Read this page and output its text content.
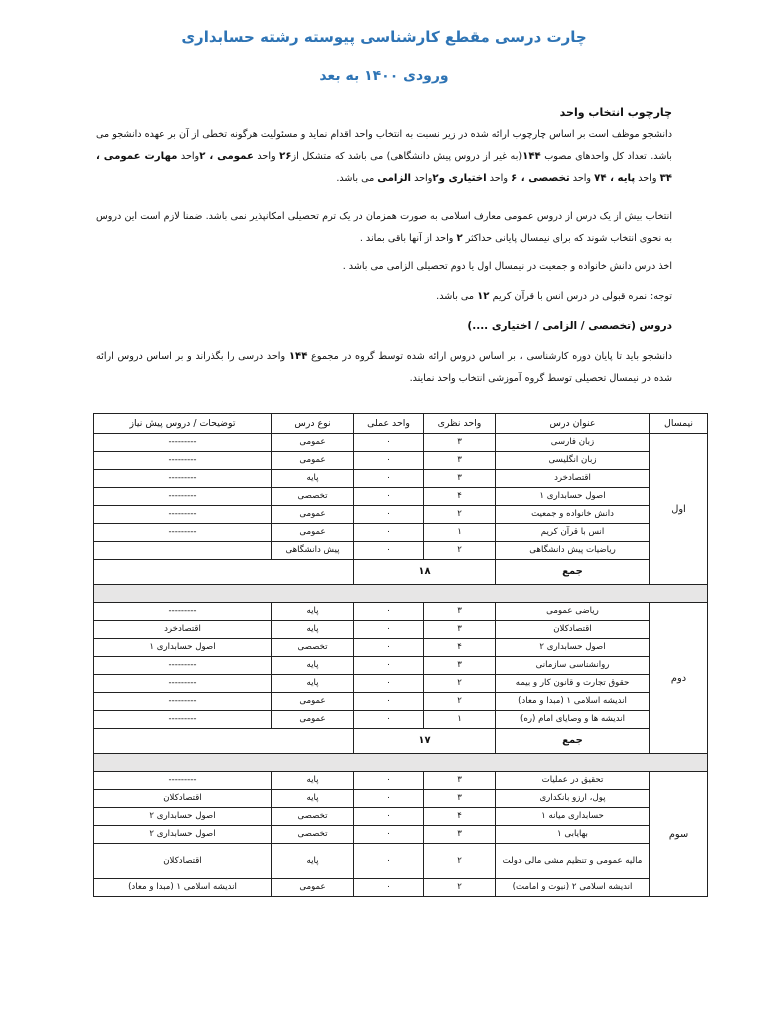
چارت درسی مقطع کارشناسی پیوسته رشته حسابداری
ورودی ۱۴۰۰ به بعد
چارچوب انتخاب واحد
دانشجو موظف است بر اساس چارچوب ارائه شده در زیر نسبت به انتخاب واحد اقدام نماید و مسئولیت هرگونه تخطی از آن بر عهده دانشجو می باشد. تعداد کل واحدهای مصوب ۱۴۴(به غیر از دروس پیش دانشگاهی) می باشد که متشکل از۲۶ واحد عمومی ، ۲واحد مهارت عمومی ، ۳۴ واحد پایه ، ۷۴ واحد تخصصی ، ۶ واحد اختیاری و۲واحد الزامی می باشد.
انتخاب بیش از یک درس از دروس عمومی معارف اسلامی به صورت همزمان در یک ترم تحصیلی امکانپذیر نمی باشد. ضمنا لازم است این دروس به نحوی انتخاب شوند که برای نیمسال پایانی حداکثر ۲ واحد از آنها باقی بماند .
اخذ درس دانش خانواده و جمعیت در نیمسال اول یا دوم تحصیلی الزامی می باشد .
توجه: نمره قبولی در درس انس با قرآن کریم ۱۲ می باشد.
دروس (تخصصی / الزامی / اختیاری ....)
دانشجو باید تا پایان دوره کارشناسی ، بر اساس دروس ارائه شده توسط گروه در مجموع ۱۴۴ واحد درسی را بگذراند و بر اساس دروس ارائه شده در نیمسال تحصیلی توسط گروه آموزشی انتخاب واحد نمایند.
نیمسال	عنوان درس	واحد نظری	واحد عملی	نوع درس	توضیحات / دروس پیش نیاز
اول	زبان فارسی	۳	۰	عمومی	---------
	زبان انگلیسی	۳	۰	عمومی	---------
	اقتصادخرد	۳	۰	پایه	---------
	اصول حسابداری ۱	۴	۰	تخصصی	---------
	دانش خانواده و جمعیت	۲	۰	عمومی	---------
	انس با قرآن کریم	۱	۰	عمومی	---------
	ریاضیات پیش دانشگاهی	۲	۰	پیش دانشگاهی	
	جمع	۱۸			

دوم	ریاضی عمومی	۳	۰	پایه	---------
	اقتصادکلان	۳	۰	پایه	اقتصادخرد
	اصول حسابداری ۲	۴	۰	تخصصی	اصول حسابداری ۱
	روانشناسی سازمانی	۳	۰	پایه	---------
	حقوق تجارت و قانون کار و بیمه	۲	۰	پایه	---------
	اندیشه اسلامی ۱ (مبدا و معاد)	۲	۰	عمومی	---------
	اندیشه ها و وصایای امام (ره)	۱	۰	عمومی	---------
	جمع	۱۷			

سوم	تحقیق در عملیات	۳	۰	پایه	---------
	پول، ارزو بانکداری	۳	۰	پایه	اقتصادکلان
	حسابداری میانه ۱	۴	۰	تخصصی	اصول حسابداری ۲
	بهایابی ۱	۳	۰	تخصصی	اصول حسابداری ۲
	مالیه عمومی و تنظیم مشی مالی دولت	۲	۰	پایه	اقتصادکلان
	اندیشه اسلامی ۲ (نبوت و امامت)	۲	۰	عمومی	اندیشه اسلامی ۱ (مبدا و معاد)
